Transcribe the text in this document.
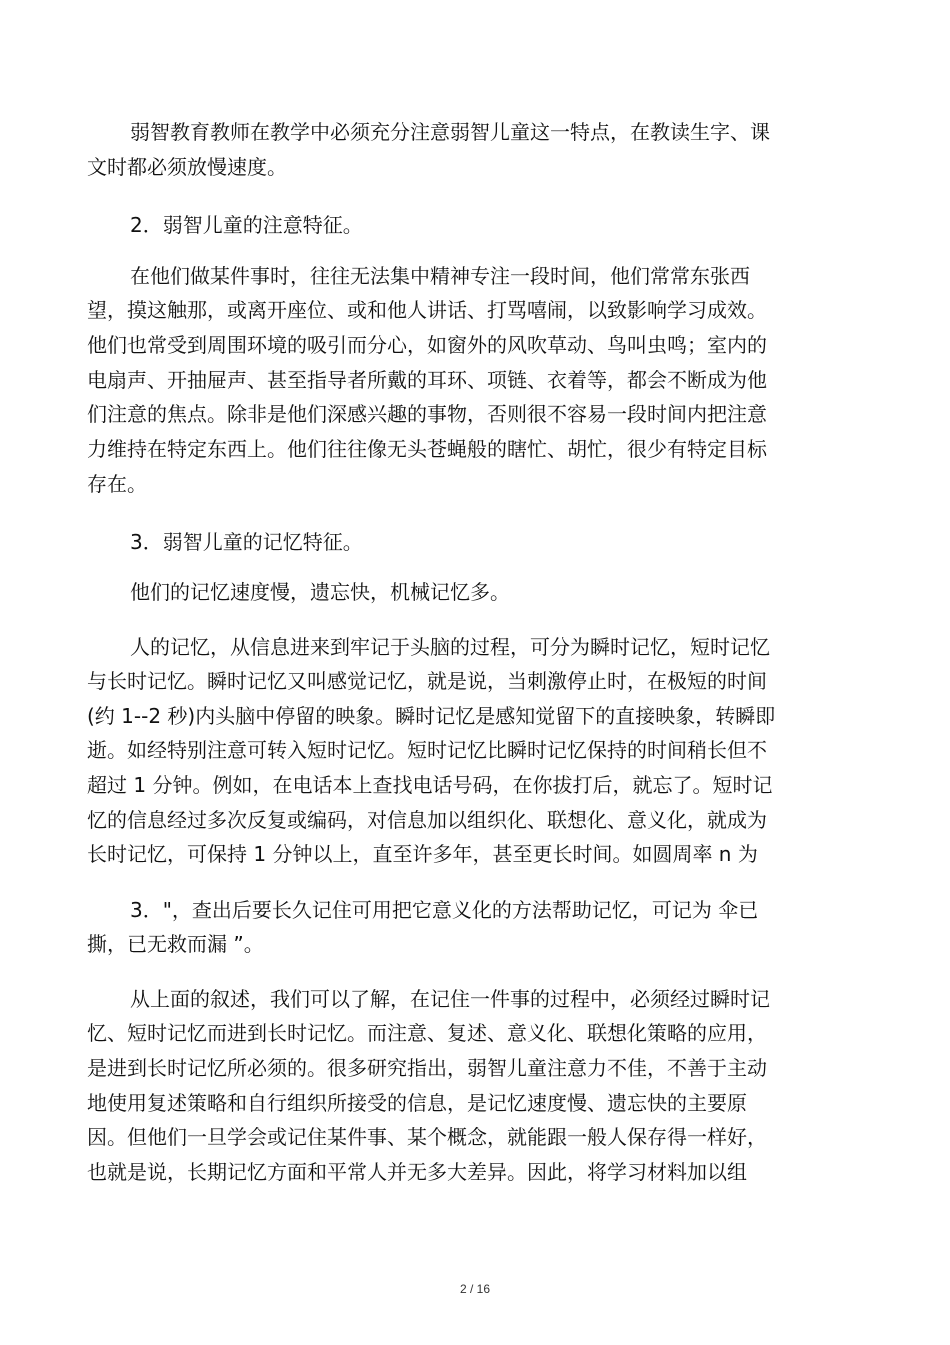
弱智教育教师在教学中必须充分注意弱智儿童这一特点，在教读生字、课
文时都必须放慢速度。
2．弱智儿童的注意特征。
在他们做某件事时，往往无法集中精神专注一段时间，他们常常东张西
望，摸这触那，或离开座位、或和他人讲话、打骂嘻闹，以致影响学习成效。
他们也常受到周围环境的吸引而分心，如窗外的风吹草动、鸟叫虫鸣；室内的
电扇声、开抽屉声、甚至指导者所戴的耳环、项链、衣着等，都会不断成为他
们注意的焦点。除非是他们深感兴趣的事物，否则很不容易一段时间内把注意
力维持在特定东西上。他们往往像无头苍蝇般的瞎忙、胡忙，很少有特定目标
存在。
3．弱智儿童的记忆特征。
他们的记忆速度慢，遗忘快，机械记忆多。
人的记忆，从信息进来到牢记于头脑的过程，可分为瞬时记忆，短时记忆
与长时记忆。瞬时记忆又叫感觉记忆，就是说，当刺激停止时，在极短的时间
(约 1--2 秒)内头脑中停留的映象。瞬时记忆是感知觉留下的直接映象，转瞬即
逝。如经特别注意可转入短时记忆。短时记忆比瞬时记忆保持的时间稍长但不
超过 1 分钟。例如，在电话本上查找电话号码，在你拔打后，就忘了。短时记
忆的信息经过多次反复或编码，对信息加以组织化、联想化、意义化，就成为
长时记忆，可保持 1 分钟以上，直至许多年，甚至更长时间。如圆周率 n 为
3．"，查出后要长久记住可用把它意义化的方法帮助记忆，可记为 伞已
撕，已无救而漏 ”。
从上面的叙述，我们可以了解，在记住一件事的过程中，必须经过瞬时记
忆、短时记忆而进到长时记忆。而注意、复述、意义化、联想化策略的应用，
是进到长时记忆所必须的。很多研究指出，弱智儿童注意力不佳，不善于主动
地使用复述策略和自行组织所接受的信息，是记忆速度慢、遗忘快的主要原
因。但他们一旦学会或记住某件事、某个概念，就能跟一般人保存得一样好，
也就是说，长期记忆方面和平常人并无多大差异。因此，将学习材料加以组
2 / 16
